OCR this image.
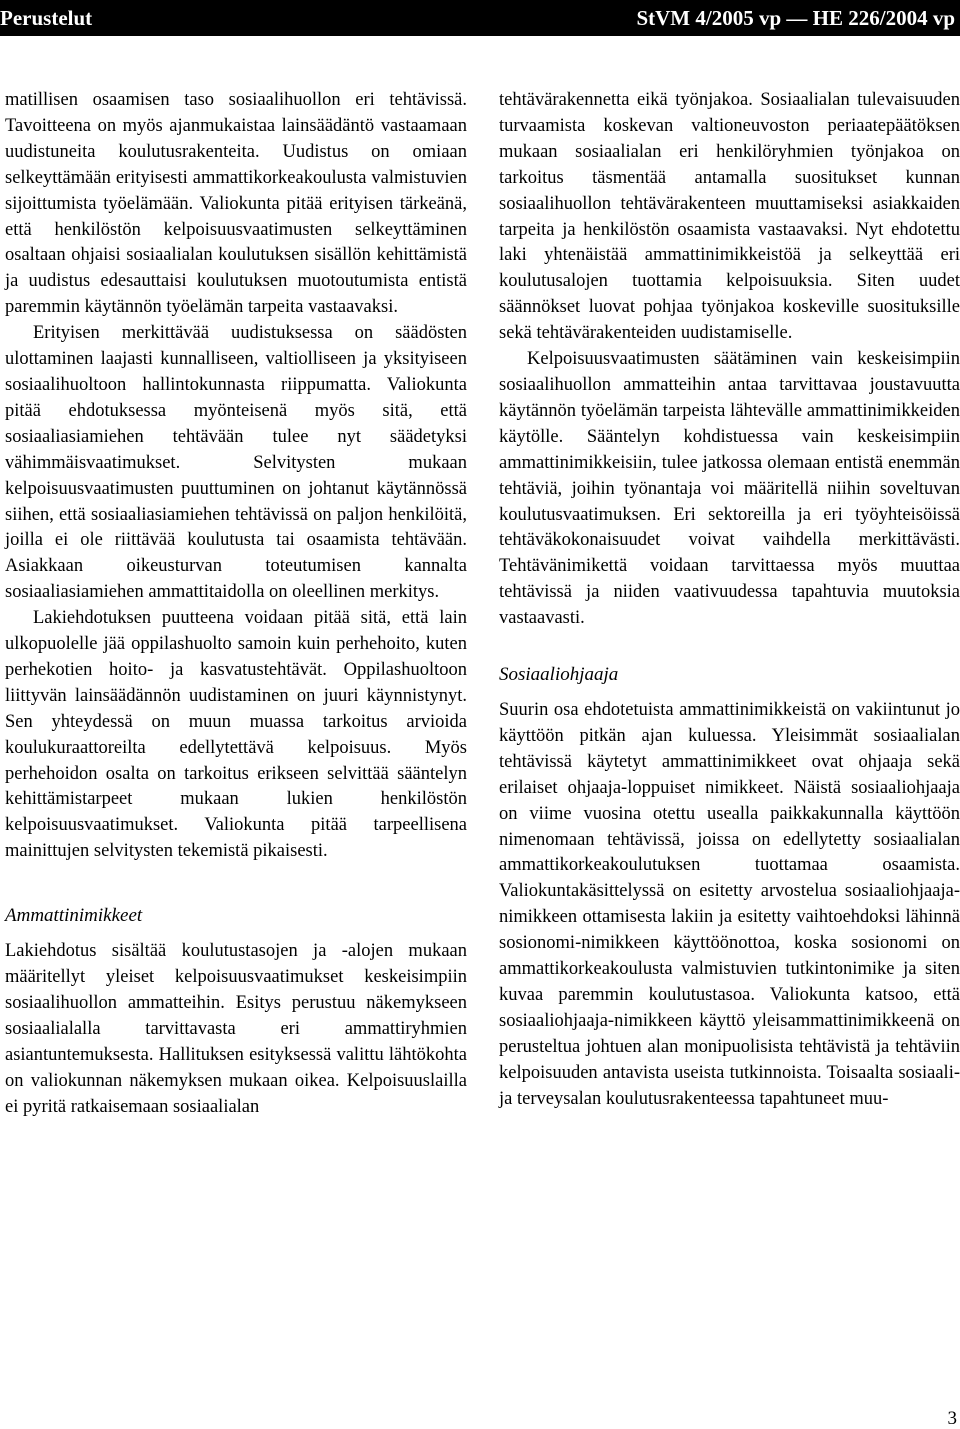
Perustelut	StVM 4/2005 vp — HE 226/2004 vp

matillisen osaamisen taso sosiaalihuollon eri tehtävissä. Tavoitteena on myös ajanmukaistaa lainsäädäntö vastaamaan uudistuneita koulutusrakenteita. Uudistus on omiaan selkeyttämään erityisesti ammattikorkeakoulusta valmistuvien sijoittumista työelämään. Valiokunta pitää erityisen tärkeänä, että henkilöstön kelpoisuusvaatimusten selkeyttäminen osaltaan ohjaisi sosiaalialan koulutuksen sisällön kehittämistä ja uudistus edesauttaisi koulutuksen muotoutumista entistä paremmin käytännön työelämän tarpeita vastaavaksi.

Erityisen merkittävää uudistuksessa on säädösten ulottaminen laajasti kunnalliseen, valtiolliseen ja yksityiseen sosiaalihuoltoon hallintokunnasta riippumatta. Valiokunta pitää ehdotuksessa myönteisenä myös sitä, että sosiaaliasiamiehen tehtävään tulee nyt säädetyksi vähimmäisvaatimukset. Selvitysten mukaan kelpoisuusvaatimusten puuttuminen on johtanut käytännössä siihen, että sosiaaliasiamiehen tehtävissä on paljon henkilöitä, joilla ei ole riittävää koulutusta tai osaamista tehtävään. Asiakkaan oikeusturvan toteutumisen kannalta sosiaaliasiamiehen ammattitaidolla on oleellinen merkitys.

Lakiehdotuksen puutteena voidaan pitää sitä, että lain ulkopuolelle jää oppilashuolto samoin kuin perhehoito, kuten perhekotien hoito- ja kasvatustehtävät. Oppilashuoltoon liittyvän lainsäädännön uudistaminen on juuri käynnistynyt. Sen yhteydessä on muun muassa tarkoitus arvioida koulukuraattoreilta edellytettävä kelpoisuus. Myös perhehoidon osalta on tarkoitus erikseen selvittää sääntelyn kehittämistarpeet mukaan lukien henkilöstön kelpoisuusvaatimukset. Valiokunta pitää tarpeellisena mainittujen selvitysten tekemistä pikaisesti.

Ammattinimikkeet

Lakiehdotus sisältää koulutustasojen ja -alojen mukaan määritellyt yleiset kelpoisuusvaatimukset keskeisimpiin sosiaalihuollon ammatteihin. Esitys perustuu näkemykseen sosiaalialalla tarvittavasta eri ammattiryhmien asiantuntemuksesta. Hallituksen esityksessä valittu lähtökohta on valiokunnan näkemyksen mukaan oikea. Kelpoisuuslailla ei pyritä ratkaisemaan sosiaalialan

tehtävärakennetta eikä työnjakoa. Sosiaalialan tulevaisuuden turvaamista koskevan valtioneuvoston periaatepäätöksen mukaan sosiaalialan eri henkilöryhmien työnjakoa on tarkoitus täsmentää antamalla suositukset kunnan sosiaalihuollon tehtävärakenteen muuttamiseksi asiakkaiden tarpeita ja henkilöstön osaamista vastaavaksi. Nyt ehdotettu laki yhtenäistää ammattinimikkeistöä ja selkeyttää eri koulutusalojen tuottamia kelpoisuuksia. Siten uudet säännökset luovat pohjaa työnjakoa koskeville suosituksille sekä tehtävärakenteiden uudistamiselle.

Kelpoisuusvaatimusten säätäminen vain keskeisimpiin sosiaalihuollon ammatteihin antaa tarvittavaa joustavuutta käytännön työelämän tarpeista lähtevälle ammattinimikkeiden käytölle. Sääntelyn kohdistuessa vain keskeisimpiin ammattinimikkeisiin, tulee jatkossa olemaan entistä enemmän tehtäviä, joihin työnantaja voi määritellä niihin soveltuvan koulutusvaatimuksen. Eri sektoreilla ja eri työyhteisöissä tehtäväkokonaisuudet voivat vaihdella merkittävästi. Tehtävänimikettä voidaan tarvittaessa myös muuttaa tehtävissä ja niiden vaativuudessa tapahtuvia muutoksia vastaavasti.

Sosiaaliohjaaja

Suurin osa ehdotetuista ammattinimikkeistä on vakiintunut jo käyttöön pitkän ajan kuluessa. Yleisimmät sosiaalialan tehtävissä käytetyt ammattinimikkeet ovat ohjaaja sekä erilaiset ohjaaja-loppuiset nimikkeet. Näistä sosiaaliohjaaja on viime vuosina otettu usealla paikkakunnalla käyttöön nimenomaan tehtävissä, joissa on edellytetty sosiaalialan ammattikorkeakoulutuksen tuottamaa osaamista. Valiokuntakäsittelyssä on esitetty arvostelua sosiaaliohjaaja-nimikkeen ottamisesta lakiin ja esitetty vaihtoehdoksi lähinnä sosionomi-nimikkeen käyttöönottoa, koska sosionomi on ammattikorkeakoulusta valmistuvien tutkintonimike ja siten kuvaa paremmin koulutustasoa. Valiokunta katsoo, että sosiaaliohjaaja-nimikkeen käyttö yleisammattinimikkeenä on perusteltua johtuen alan monipuolisista tehtävistä ja tehtäviin kelpoisuuden antavista useista tutkinnoista. Toisaalta sosiaali- ja terveysalan koulutusrakenteessa tapahtuneet muu-

3
